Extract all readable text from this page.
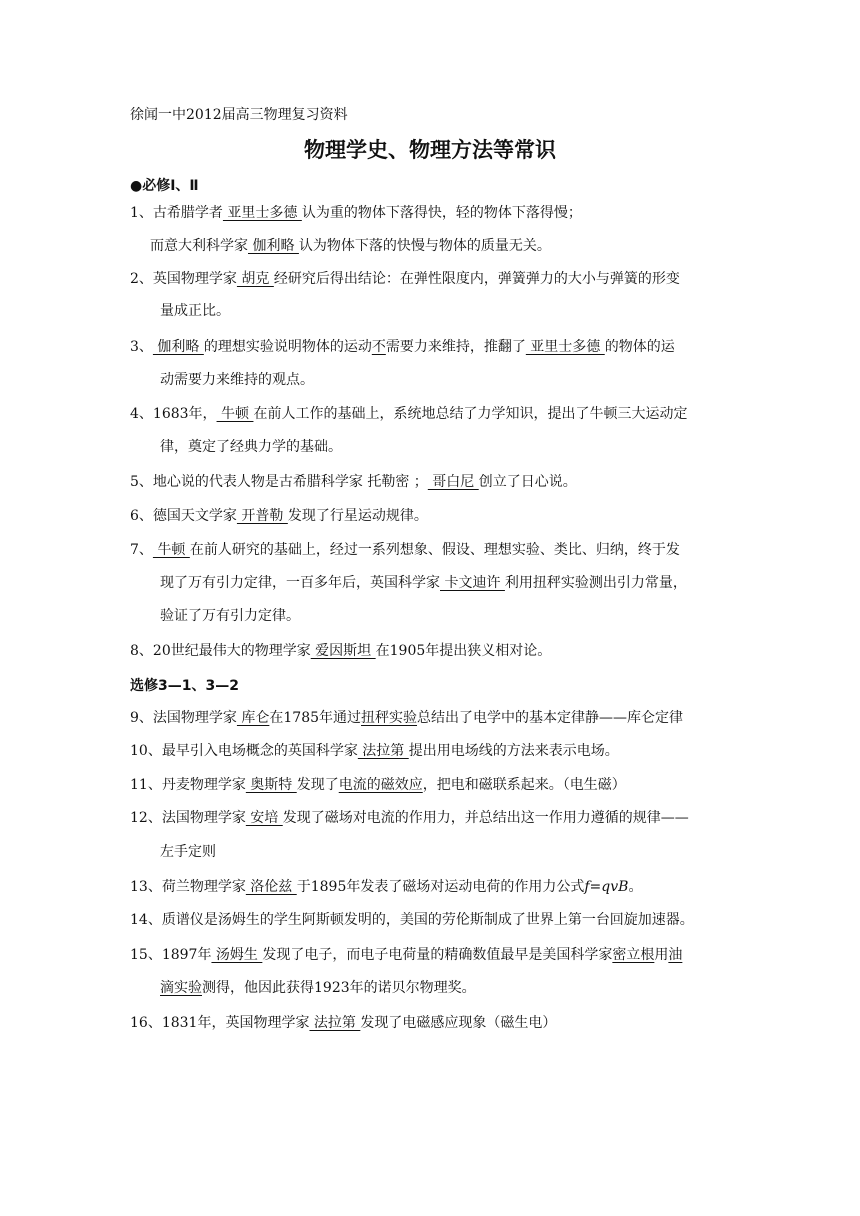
徐闻一中2012届高三物理复习资料
物理学史、物理方法等常识
●必修Ⅰ、Ⅱ
1、古希腊学者 亚里士多德 认为重的物体下落得快，轻的物体下落得慢；
而意大利科学家 伽利略 认为物体下落的快慢与物体的质量无关。
2、英国物理学家 胡克 经研究后得出结论：在弹性限度内，弹簧弹力的大小与弹簧的形变
量成正比。
3、 伽利略 的理想实验说明物体的运动不需要力来维持，推翻了 亚里士多德 的物体的运
动需要力来维持的观点。
4、1683年， 牛顿 在前人工作的基础上，系统地总结了力学知识，提出了牛顿三大运动定
律，奠定了经典力学的基础。
5、地心说的代表人物是古希腊科学家 托勒密 ； 哥白尼 创立了日心说。
6、德国天文学家 开普勒 发现了行星运动规律。
7、 牛顿 在前人研究的基础上，经过一系列想象、假设、理想实验、类比、归纳，终于发
现了万有引力定律，一百多年后，英国科学家 卡文迪许 利用扭秤实验测出引力常量，
验证了万有引力定律。
8、20世纪最伟大的物理学家 爱因斯坦 在1905年提出狭义相对论。
选修3—1、3—2
9、法国物理学家 库仑在1785年通过扭秤实验总结出了电学中的基本定律静——库仑定律
10、最早引入电场概念的英国科学家 法拉第 提出用电场线的方法来表示电场。
11、丹麦物理学家 奥斯特 发现了电流的磁效应，把电和磁联系起来。（电生磁）
12、法国物理学家 安培 发现了磁场对电流的作用力，并总结出这一作用力遵循的规律——
左手定则
13、荷兰物理学家 洛伦兹 于1895年发表了磁场对运动电荷的作用力公式f=qvB。
14、质谱仪是汤姆生的学生阿斯顿发明的，美国的劳伦斯制成了世界上第一台回旋加速器。
15、1897年 汤姆生 发现了电子，而电子电荷量的精确数值最早是美国科学家密立根用油
滴实验测得，他因此获得1923年的诺贝尔物理奖。
16、1831年，英国物理学家 法拉第 发现了电磁感应现象（磁生电）
